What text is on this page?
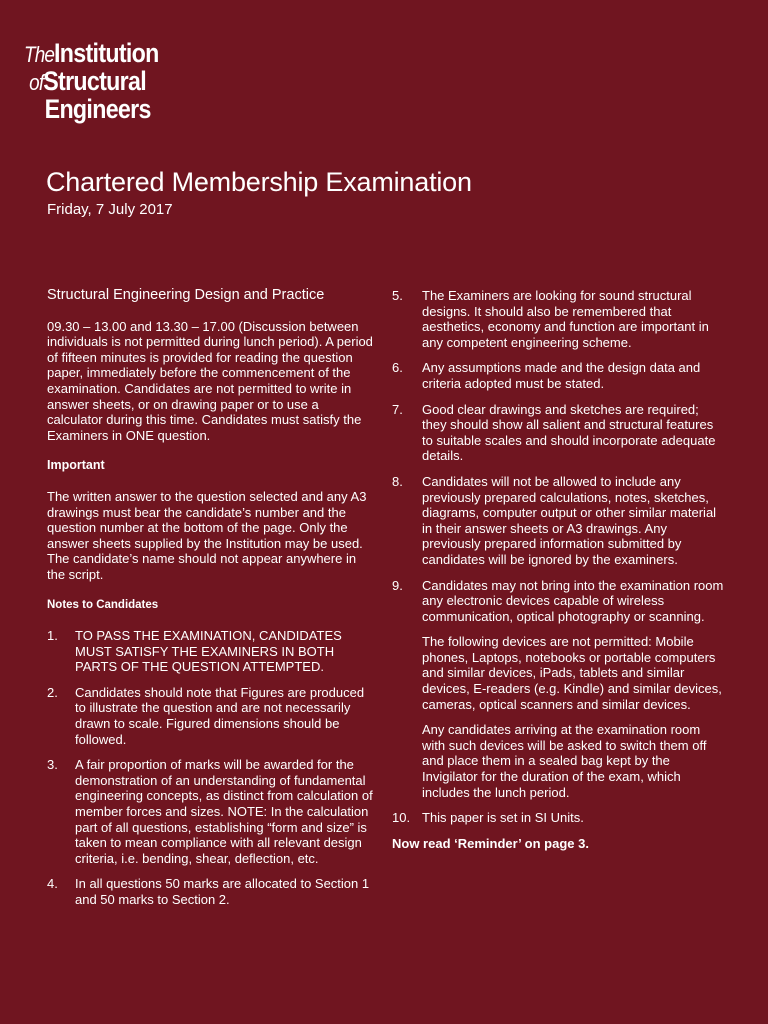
TheInstitution
ofStructural
Engineers
Chartered Membership Examination
Friday, 7 July 2017
Structural Engineering Design and Practice

09.30 – 13.00 and 13.30 – 17.00 (Discussion between individuals is not permitted during lunch period). A period of fifteen minutes is provided for reading the question paper, immediately before the commencement of the examination. Candidates are not permitted to write in answer sheets, or on drawing paper or to use a calculator during this time. Candidates must satisfy the Examiners in ONE question.

Important

The written answer to the question selected and any A3 drawings must bear the candidate’s number and the question number at the bottom of the page. Only the answer sheets supplied by the Institution may be used. The candidate’s name should not appear anywhere in the script.

Notes to Candidates
1.	TO PASS THE EXAMINATION, CANDIDATES MUST SATISFY THE EXAMINERS IN BOTH PARTS OF THE QUESTION ATTEMPTED.
2.	Candidates should note that Figures are produced to illustrate the question and are not necessarily drawn to scale. Figured dimensions should be followed.
3.	A fair proportion of marks will be awarded for the demonstration of an understanding of fundamental engineering concepts, as distinct from calculation of member forces and sizes. NOTE: In the calculation part of all questions, establishing “form and size” is taken to mean compliance with all relevant design criteria, i.e. bending, shear, deflection, etc.
4.	In all questions 50 marks are allocated to Section 1 and 50 marks to Section 2.
5.	The Examiners are looking for sound structural designs. It should also be remembered that aesthetics, economy and function are important in any competent engineering scheme.
6.	Any assumptions made and the design data and criteria adopted must be stated.
7.	Good clear drawings and sketches are required; they should show all salient and structural features to suitable scales and should incorporate adequate details.
8.	Candidates will not be allowed to include any previously prepared calculations, notes, sketches, diagrams, computer output or other similar material in their answer sheets or A3 drawings. Any previously prepared information submitted by candidates will be ignored by the examiners.
9.	Candidates may not bring into the examination room any electronic devices capable of wireless communication, optical photography or scanning.

The following devices are not permitted: Mobile phones, Laptops, notebooks or portable computers and similar devices, iPads, tablets and similar devices, E-readers (e.g. Kindle) and similar devices, cameras, optical scanners and similar devices.

Any candidates arriving at the examination room with such devices will be asked to switch them off and place them in a sealed bag kept by the Invigilator for the duration of the exam, which includes the lunch period.

10. This paper is set in SI Units.
Now read ‘Reminder’ on page 3.
